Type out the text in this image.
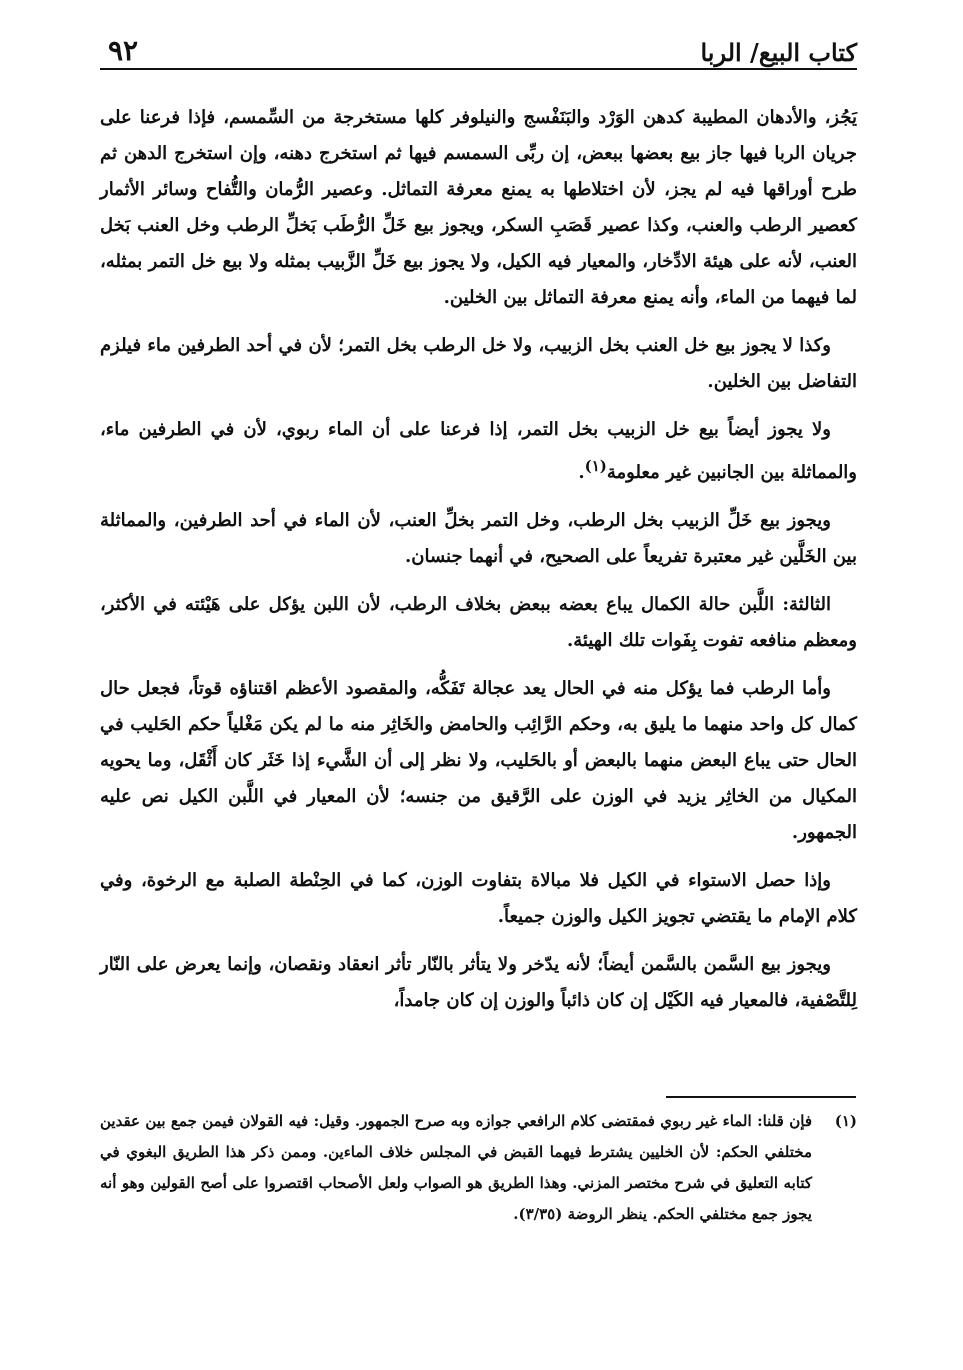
كتاب البيع/ الربا
٩٢

يَجُز، والأدهان المطيبة كدهن الوَرْد والبَنَفْسج والنيلوفر كلها مستخرجة من السِّمسم، فإذا فرعنا على جريان الربا فيها جاز بيع بعضها ببعض، إن ربِّى السمسم فيها ثم استخرج دهنه، وإن استخرج الدهن ثم طرح أوراقها فيه لم يجز، لأن اختلاطها به يمنع معرفة التماثل. وعصير الرُّمان والتُّفاح وسائر الأثمار كعصير الرطب والعنب، وكذا عصير قَصَبِ السكر، ويجوز بيع خَلِّ الرُّطَب بَخلِّ الرطب وخل العنب بَخل العنب، لأنه على هيئة الادِّخار، والمعيار فيه الكيل، ولا يجوز بيع خَلِّ الزَّبيب بمثله ولا بيع خل التمر بمثله، لما فيهما من الماء، وأنه يمنع معرفة التماثل بين الخلين.

وكذا لا يجوز بيع خل العنب بخل الزبيب، ولا خل الرطب بخل التمر؛ لأن في أحد الطرفين ماء فيلزم التفاضل بين الخلين.

ولا يجوز أيضاً بيع خل الزبيب بخل التمر، إذا فرعنا على أن الماء ربوي، لأن في الطرفين ماء، والمماثلة بين الجانبين غير معلومة$^{(١)}$.

ويجوز بيع خَلِّ الزبيب بخل الرطب، وخل التمر بخلِّ العنب، لأن الماء في أحد الطرفين، والمماثلة بين الخَلَّين غير معتبرة تفريعاً على الصحيح، في أنهما جنسان.

الثالثة: اللَّبن حالة الكمال يباع بعضه ببعض بخلاف الرطب، لأن اللبن يؤكل على هَيْئته في الأكثر، ومعظم منافعه تفوت بِفَوات تلك الهيئة.

وأما الرطب فما يؤكل منه في الحال يعد عجالة تَفَكُّه، والمقصود الأعظم اقتناؤه قوتاً، فجعل حال كمال كل واحد منهما ما يليق به، وحكم الرَّائِب والحامض والخَاثِر منه ما لم يكن مَغْلياً حكم الحَليب في الحال حتى يباع البعض منهما بالبعض أو بالحَليب، ولا نظر إلى أن الشَّيء إذا خَثَر كان أَثْقَل، وما يحويه المكيال من الخاثِر يزيد في الوزن على الرَّقيق من جنسه؛ لأن المعيار في اللَّبن الكيل نص عليه الجمهور.

وإذا حصل الاستواء في الكيل فلا مبالاة بتفاوت الوزن، كما في الحِنْطة الصلبة مع الرخوة، وفي كلام الإمام ما يقتضي تجويز الكيل والوزن جميعاً.

ويجوز بيع السَّمن بالسَّمن أيضاً؛ لأنه يدّخر ولا يتأثر بالنّار تأثر انعقاد ونقصان، وإنما يعرض على النّار لِلتَّصْفية، فالمعيار فيه الكَيْل إن كان ذائباً والوزن إن كان جامداً،

(١)
فإن قلنا: الماء غير ربوي فمقتضى كلام الرافعي جوازه وبه صرح الجمهور. وقيل: فيه القولان فيمن جمع بين عقدين مختلفي الحكم: لأن الخليين يشترط فيهما القبض في المجلس خلاف الماءين. وممن ذكر هذا الطريق البغوي في كتابه التعليق في شرح مختصر المزني. وهذا الطريق هو الصواب ولعل الأصحاب اقتصروا على أصح القولين وهو أنه يجوز جمع مختلفي الحكم. ينظر الروضة (٣/٣٥).
